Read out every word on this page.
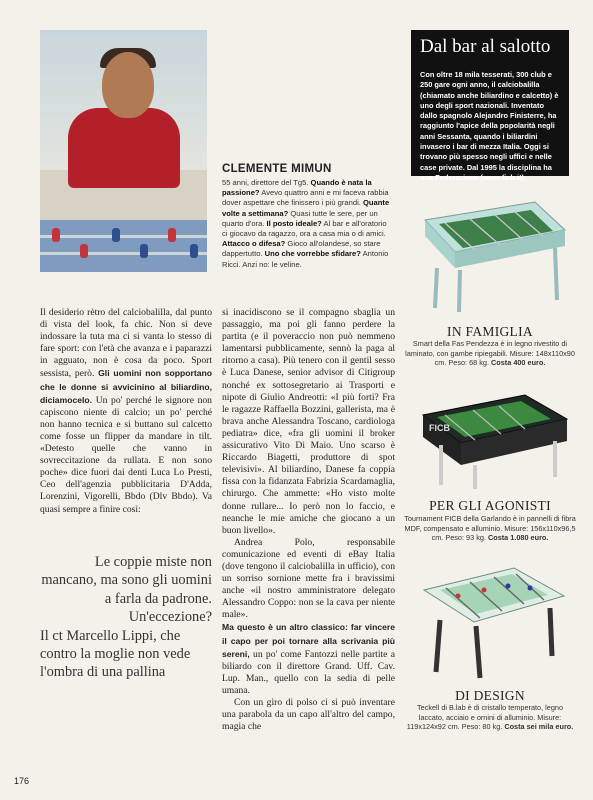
CLEMENTE MIMUN
55 anni, direttore del Tg5. Quando è nata la passione? Avevo quattro anni e mi faceva rabbia dover aspettare che finissero i più grandi. Quante volte a settimana? Quasi tutte le sere, per un quarto d'ora. Il posto ideale? Al bar e all'oratorio ci giocavo da ragazzo, ora a casa mia o di amici. Attacco o difesa? Gioco all'olandese, so stare dappertutto. Uno che vorrebbe sfidare? Antonio Ricci. Anzi no: le veline.
Dal bar al salotto
Con oltre 18 mila tesserati, 300 club e 250 gare ogni anno, il calciobalilla (chiamato anche biliardino e calcetto) è uno degli sport nazionali. Inventato dallo spagnolo Alejandro Finisterre, ha raggiunto l'apice della popolarità negli anni Sessanta, quando i biliardini invasero i bar di mezza Italia. Oggi si trovano più spesso negli uffici e nelle case private. Dal 1995 la disciplina ha una Federazione (www.ficb.it).
Il desiderio rètro del calciobalilla, dal punto di vista del look, fa chic. Non si deve indossare la tuta ma ci si vanta lo stesso di fare sport: con l'età che avanza e i paparazzi in agguato, non è cosa da poco. Sport sessista, però. Gli uomini non sopportano che le donne si avvicinino al biliardino, diciamocelo. Un po' perché le signore non capiscono niente di calcio; un po' perché non hanno tecnica e si buttano sul calcetto come fosse un flipper da mandare in tilt. «Detesto quelle che vanno in sovreccitazione da rullata. E non sono poche» dice fuori dai denti Luca Lo Presti, Ceo dell'agenzia pubblicitaria D'Adda, Lorenzini, Vigorelli, Bbdo (Dlv Bbdo). Va quasi sempre a finire così:
Le coppie miste non mancano, ma sono gli uomini a farla da padrone. Un'eccezione?
Il ct Marcello Lippi, che contro la moglie non vede l'ombra di una pallina
si inacidiscono se il compagno sbaglia un passaggio, ma poi gli fanno perdere la partita (e il poveraccio non può nemmeno lamentarsi pubblicamente, sennò la paga al ritorno a casa). Più tenero con il gentil sesso è Luca Danese, senior advisor di Citigroup nonché ex sottosegretario ai Trasporti e nipote di Giulio Andreotti: «I più forti? Fra le ragazze Raffaella Bozzini, gallerista, ma è brava anche Alessandra Toscano, cardiologa pediatra» dice, «fra gli uomini il broker assicurativo Vito Di Maio. Uno scarso è Riccardo Biagetti, produttore di spot televisivi». Al biliardino, Danese fa coppia fissa con la fidanzata Fabrizia Scardamaglia, chirurgo. Che ammette: «Ho visto molte donne rullare... Io però non lo faccio, e neanche le mie amiche che giocano a un buon livello».
Andrea Polo, responsabile comunicazione ed eventi di eBay Italia (dove tengono il calciobalilla in ufficio), con un sorriso sornione mette fra i bravissimi anche «il nostro amministratore delegato Alessandro Coppo: non se la cava per niente male».
Ma questo è un altro classico: far vincere il capo per poi tornare alla scrivania più sereni, un po' come Fantozzi nelle partite a biliardo con il direttore Grand. Uff. Cav. Lup. Man., quello con la sedia di pelle umana.
Con un giro di polso ci si può inventare una parabola da un capo all'altro del campo, magia che
IN FAMIGLIA
Smart della Fas Pendezza è in legno rivestito di laminato, con gambe ripiegabili. Misure: 148x110x90 cm. Peso: 68 kg. Costa 400 euro.
FICB
PER GLI AGONISTI
Tournament FICB della Garlando è in pannelli di fibra MDF, compensato e alluminio. Misure: 156x110x96,5 cm. Peso: 93 kg. Costa 1.080 euro.
DI DESIGN
Teckell di B.lab è di cristallo temperato, legno laccato, acciaio e ornini di alluminio. Misure: 119x124x92 cm. Peso: 80 kg. Costa sei mila euro.
176
